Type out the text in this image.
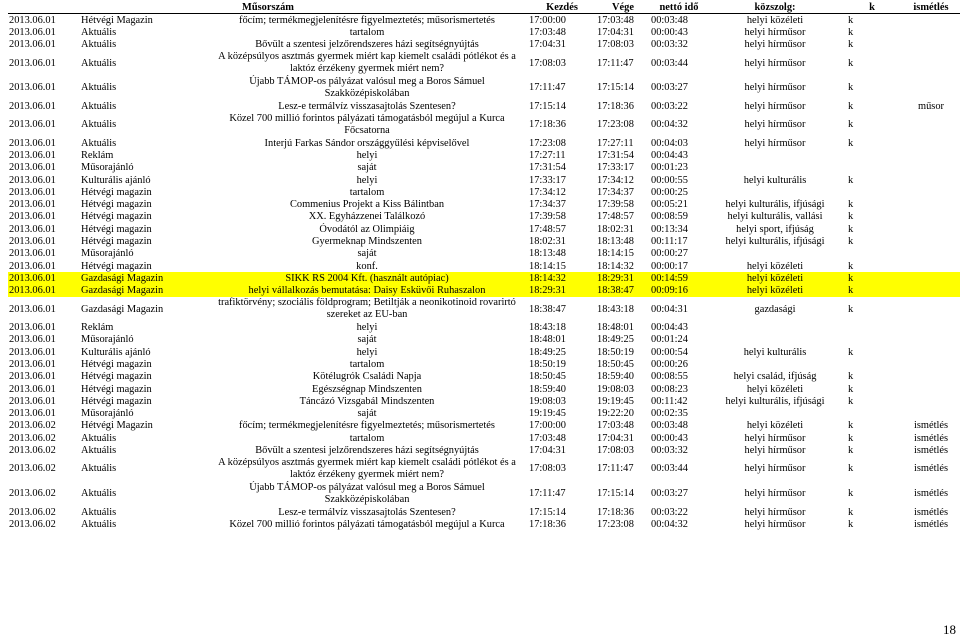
Műsorszám			Kezdés	Vége	nettó idő	közszolg:	k	ismétlés
2013.06.01	Hétvégi Magazin	főcím; termékmegjelenítésre figyelmeztetés; műsorismertetés	17:00:00	17:03:48	00:03:48	helyi közéleti	k	
2013.06.01	Aktuális	tartalom	17:03:48	17:04:31	00:00:43	helyi hírműsor	k	
2013.06.01	Aktuális	Bővült a szentesi jelzőrendszeres házi segítségnyújtás	17:04:31	17:08:03	00:03:32	helyi hírműsor	k	
2013.06.01	Aktuális	A középsúlyos asztmás gyermek miért kap kiemelt családi pótlékot és a laktóz érzékeny gyermek miért nem?	17:08:03	17:11:47	00:03:44	helyi hírműsor	k	
2013.06.01	Aktuális	Újabb TÁMOP-os pályázat valósul meg a Boros Sámuel Szakközépiskolában	17:11:47	17:15:14	00:03:27	helyi hírműsor	k	
2013.06.01	Aktuális	Lesz-e termálvíz visszasajtolás Szentesen?	17:15:14	17:18:36	00:03:22	helyi hírműsor	k	műsor
2013.06.01	Aktuális	Közel 700 millió forintos pályázati támogatásból megújul a Kurca Főcsatorna	17:18:36	17:23:08	00:04:32	helyi hírműsor	k	
2013.06.01	Aktuális	Interjú Farkas Sándor országgyűlési képviselővel	17:23:08	17:27:11	00:04:03	helyi hírműsor	k	
2013.06.01	Reklám	helyi	17:27:11	17:31:54	00:04:43			
2013.06.01	Műsorajánló	saját	17:31:54	17:33:17	00:01:23			
2013.06.01	Kulturális ajánló	helyi	17:33:17	17:34:12	00:00:55	helyi kulturális	k	
2013.06.01	Hétvégi magazin	tartalom	17:34:12	17:34:37	00:00:25			
2013.06.01	Hétvégi magazin	Commenius Projekt a Kiss Bálintban	17:34:37	17:39:58	00:05:21	helyi kulturális, ifjúsági	k	
2013.06.01	Hétvégi magazin	XX. Egyházzenei Találkozó	17:39:58	17:48:57	00:08:59	helyi kulturális, vallási	k	
2013.06.01	Hétvégi magazin	Óvodától az Olimpiáig	17:48:57	18:02:31	00:13:34	helyi sport, ifjúság	k	
2013.06.01	Hétvégi magazin	Gyermeknap Mindszenten	18:02:31	18:13:48	00:11:17	helyi kulturális, ifjúsági	k	
2013.06.01	Műsorajánló	saját	18:13:48	18:14:15	00:00:27			
2013.06.01	Hétvégi magazin	konf.	18:14:15	18:14:32	00:00:17	helyi közéleti	k	
2013.06.01	Gazdasági Magazin	SIKK RS 2004 Kft. (használt autópiac)	18:14:32	18:29:31	00:14:59	helyi közéleti	k	
2013.06.01	Gazdasági Magazin	helyi vállalkozás bemutatása: Daisy Esküvői Ruhaszalon	18:29:31	18:38:47	00:09:16	helyi közéleti	k	
2013.06.01	Gazdasági Magazin	trafiktörvény; szociális földprogram; Betiltják a neonikotinoid rovarirtó szereket az EU-ban	18:38:47	18:43:18	00:04:31	gazdasági	k	
2013.06.01	Reklám	helyi	18:43:18	18:48:01	00:04:43			
2013.06.01	Műsorajánló	saját	18:48:01	18:49:25	00:01:24			
2013.06.01	Kulturális ajánló	helyi	18:49:25	18:50:19	00:00:54	helyi kulturális	k	
2013.06.01	Hétvégi magazin	tartalom	18:50:19	18:50:45	00:00:26			
2013.06.01	Hétvégi magazin	Kötélugrók Családi Napja	18:50:45	18:59:40	00:08:55	helyi család, ifjúság	k	
2013.06.01	Hétvégi magazin	Egészségnap Mindszenten	18:59:40	19:08:03	00:08:23	helyi közéleti	k	
2013.06.01	Hétvégi magazin	Táncázó Vizsgabál Mindszenten	19:08:03	19:19:45	00:11:42	helyi kulturális, ifjúsági	k	
2013.06.01	Műsorajánló	saját	19:19:45	19:22:20	00:02:35			
2013.06.02	Hétvégi Magazin	főcím; termékmegjelenítésre figyelmeztetés; műsorismertetés	17:00:00	17:03:48	00:03:48	helyi közéleti	k	ismétlés
2013.06.02	Aktuális	tartalom	17:03:48	17:04:31	00:00:43	helyi hírműsor	k	ismétlés
2013.06.02	Aktuális	Bővült a szentesi jelzőrendszeres házi segítségnyújtás	17:04:31	17:08:03	00:03:32	helyi hírműsor	k	ismétlés
2013.06.02	Aktuális	A középsúlyos asztmás gyermek miért kap kiemelt családi pótlékot és a laktóz érzékeny gyermek miért nem?	17:08:03	17:11:47	00:03:44	helyi hírműsor	k	ismétlés
2013.06.02	Aktuális	Újabb TÁMOP-os pályázat valósul meg a Boros Sámuel Szakközépiskolában	17:11:47	17:15:14	00:03:27	helyi hírműsor	k	ismétlés
2013.06.02	Aktuális	Lesz-e termálvíz visszasajtolás Szentesen?	17:15:14	17:18:36	00:03:22	helyi hírműsor	k	ismétlés
2013.06.02	Aktuális	Közel 700 millió forintos pályázati támogatásból megújul a Kurca	17:18:36	17:23:08	00:04:32	helyi hírműsor	k	ismétlés
18
